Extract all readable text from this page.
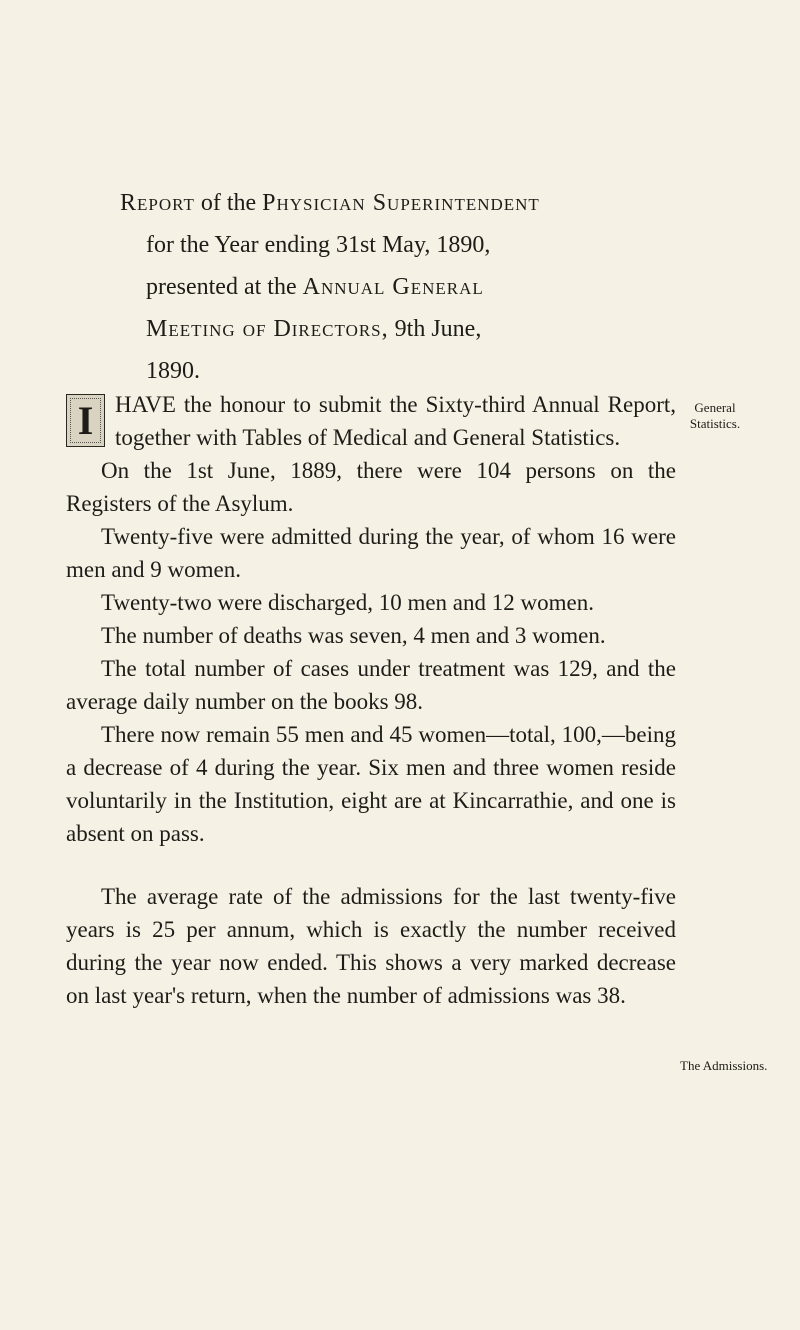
Report of the Physician Superintendent
for the Year ending 31st May, 1890,
presented at the Annual General
Meeting of Directors, 9th June,
1890.
General
Statistics.
The Admissions.

I HAVE the honour to submit the Sixty-third Annual Report, together with Tables of Medical and General Statistics.

On the 1st June, 1889, there were 104 persons on the Registers of the Asylum.

Twenty-five were admitted during the year, of whom 16 were men and 9 women.

Twenty-two were discharged, 10 men and 12 women.

The number of deaths was seven, 4 men and 3 women.

The total number of cases under treatment was 129, and the average daily number on the books 98.

There now remain 55 men and 45 women—total, 100,—being a decrease of 4 during the year. Six men and three women reside voluntarily in the Institution, eight are at Kincarrathie, and one is absent on pass.

The average rate of the admissions for the last twenty-five years is 25 per annum, which is exactly the number received during the year now ended. This shows a very marked decrease on last year's return, when the number of admissions was 38.
